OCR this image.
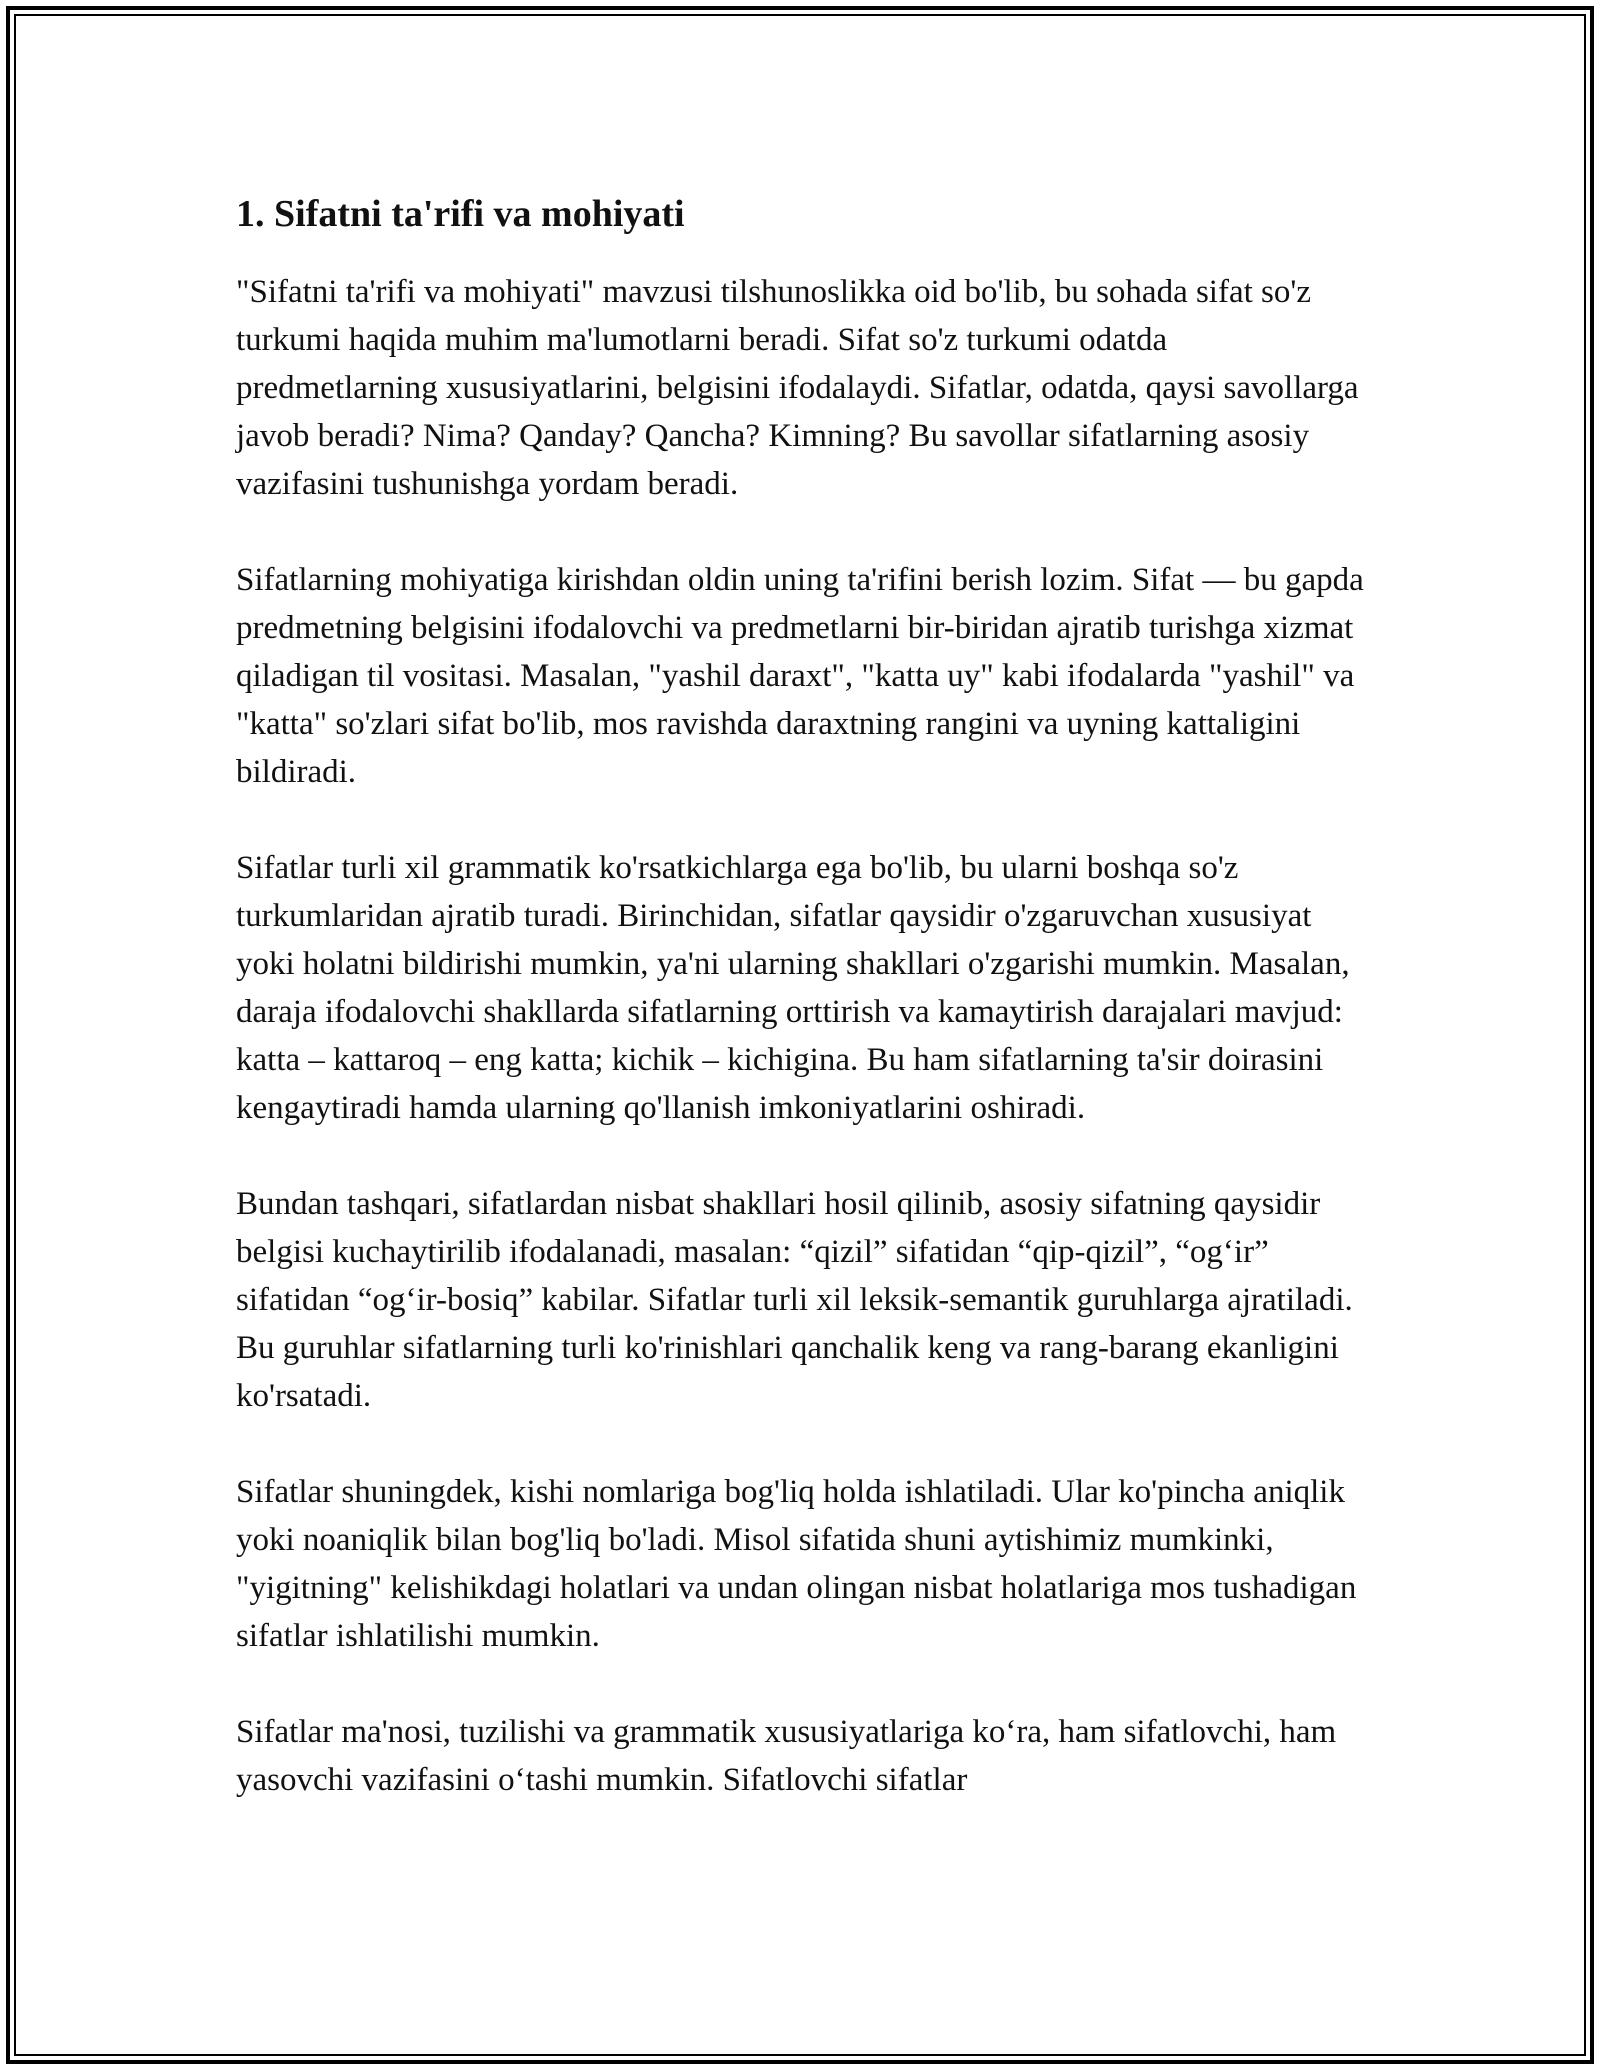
1. Sifatni ta'rifi va mohiyati

"Sifatni ta'rifi va mohiyati" mavzusi tilshunoslikka oid bo'lib, bu sohada sifat so'z turkumi haqida muhim ma'lumotlarni beradi. Sifat so'z turkumi odatda predmetlarning xususiyatlarini, belgisini ifodalaydi. Sifatlar, odatda, qaysi savollarga javob beradi? Nima? Qanday? Qancha? Kimning? Bu savollar sifatlarning asosiy vazifasini tushunishga yordam beradi.

Sifatlarning mohiyatiga kirishdan oldin uning ta'rifini berish lozim. Sifat — bu gapda predmetning belgisini ifodalovchi va predmetlarni bir-biridan ajratib turishga xizmat qiladigan til vositasi. Masalan, "yashil daraxt", "katta uy" kabi ifodalarda "yashil" va "katta" so'zlari sifat bo'lib, mos ravishda daraxtning rangini va uyning kattaligini bildiradi.

Sifatlar turli xil grammatik ko'rsatkichlarga ega bo'lib, bu ularni boshqa so'z turkumlaridan ajratib turadi. Birinchidan, sifatlar qaysidir o'zgaruvchan xususiyat yoki holatni bildirishi mumkin, ya'ni ularning shakllari o'zgarishi mumkin. Masalan, daraja ifodalovchi shakllarda sifatlarning orttirish va kamaytirish darajalari mavjud: katta – kattaroq – eng katta; kichik – kichigina. Bu ham sifatlarning ta'sir doirasini kengaytiradi hamda ularning qo'llanish imkoniyatlarini oshiradi.

Bundan tashqari, sifatlardan nisbat shakllari hosil qilinib, asosiy sifatning qaysidir belgisi kuchaytirilib ifodalanadi, masalan: “qizil” sifatidan “qip-qizil”, “og‘ir” sifatidan “og‘ir-bosiq” kabilar. Sifatlar turli xil leksik-semantik guruhlarga ajratiladi. Bu guruhlar sifatlarning turli ko'rinishlari qanchalik keng va rang-barang ekanligini ko'rsatadi.

Sifatlar shuningdek, kishi nomlariga bog'liq holda ishlatiladi. Ular ko'pincha aniqlik yoki noaniqlik bilan bog'liq bo'ladi. Misol sifatida shuni aytishimiz mumkinki, "yigitning" kelishikdagi holatlari va undan olingan nisbat holatlariga mos tushadigan sifatlar ishlatilishi mumkin.

Sifatlar ma'nosi, tuzilishi va grammatik xususiyatlariga ko‘ra, ham sifatlovchi, ham yasovchi vazifasini o‘tashi mumkin. Sifatlovchi sifatlar
